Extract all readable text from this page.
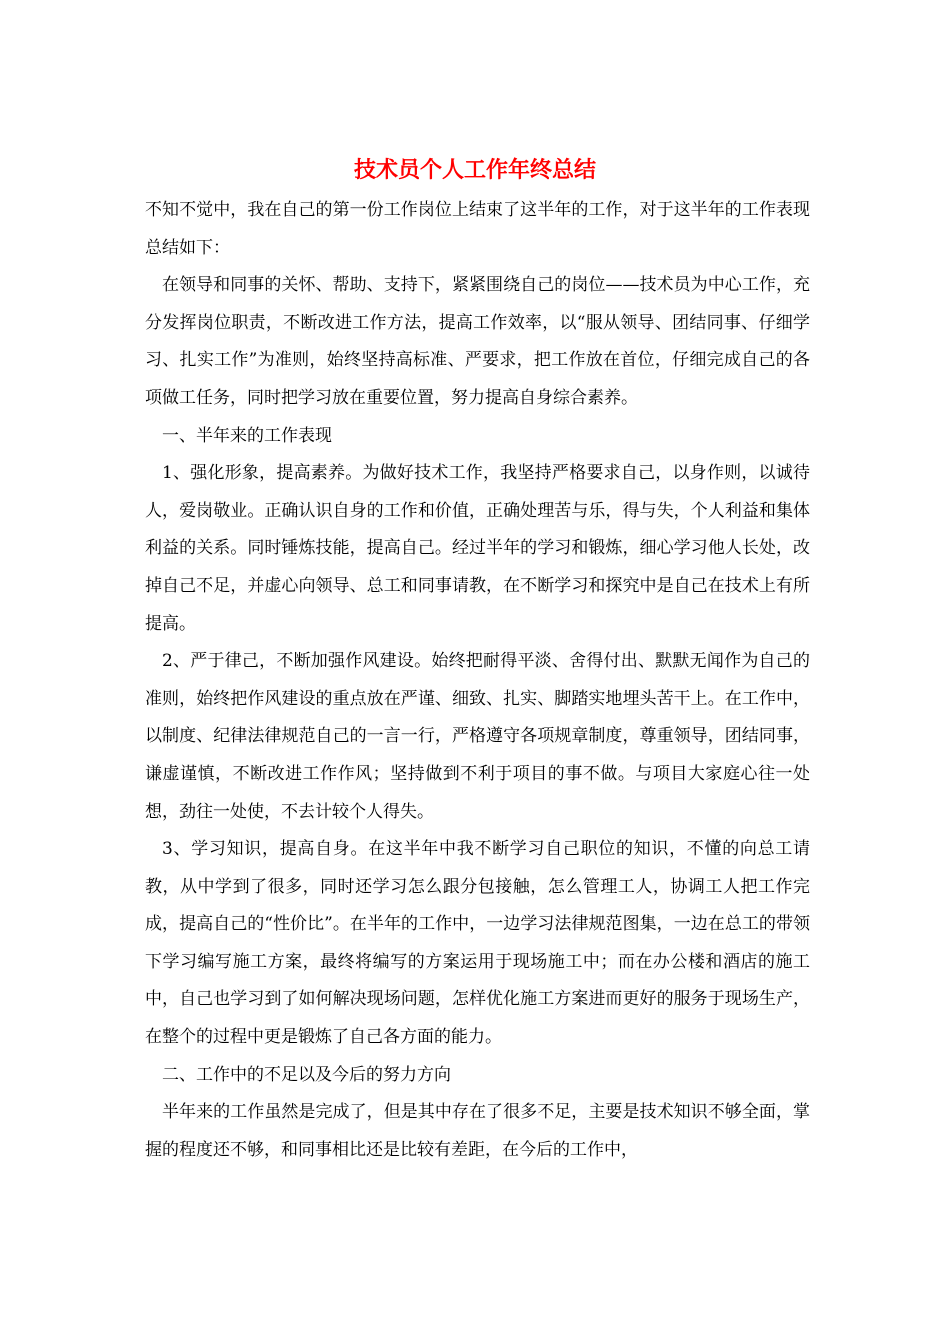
技术员个人工作年终总结

不知不觉中，我在自己的第一份工作岗位上结束了这半年的工作，对于这半年的工作表现总结如下：

在领导和同事的关怀、帮助、支持下，紧紧围绕自己的岗位——技术员为中心工作，充分发挥岗位职责，不断改进工作方法，提高工作效率，以“服从领导、团结同事、仔细学习、扎实工作”为准则，始终坚持高标准、严要求，把工作放在首位，仔细完成自己的各项做工任务，同时把学习放在重要位置，努力提高自身综合素养。

一、半年来的工作表现

1、强化形象，提高素养。为做好技术工作，我坚持严格要求自己，以身作则，以诚待人，爱岗敬业。正确认识自身的工作和价值，正确处理苦与乐，得与失，个人利益和集体利益的关系。同时锤炼技能，提高自己。经过半年的学习和锻炼，细心学习他人长处，改掉自己不足，并虚心向领导、总工和同事请教，在不断学习和探究中是自己在技术上有所提高。

2、严于律己，不断加强作风建设。始终把耐得平淡、舍得付出、默默无闻作为自己的准则，始终把作风建设的重点放在严谨、细致、扎实、脚踏实地埋头苦干上。在工作中，以制度、纪律法律规范自己的一言一行，严格遵守各项规章制度，尊重领导，团结同事，谦虚谨慎，不断改进工作作风；坚持做到不利于项目的事不做。与项目大家庭心往一处想，劲往一处使，不去计较个人得失。

3、学习知识，提高自身。在这半年中我不断学习自己职位的知识，不懂的向总工请教，从中学到了很多，同时还学习怎么跟分包接触，怎么管理工人，协调工人把工作完成，提高自己的“性价比”。在半年的工作中，一边学习法律规范图集，一边在总工的带领下学习编写施工方案，最终将编写的方案运用于现场施工中；而在办公楼和酒店的施工中，自己也学习到了如何解决现场问题，怎样优化施工方案进而更好的服务于现场生产，在整个的过程中更是锻炼了自己各方面的能力。

二、工作中的不足以及今后的努力方向

半年来的工作虽然是完成了，但是其中存在了很多不足，主要是技术知识不够全面，掌握的程度还不够，和同事相比还是比较有差距，在今后的工作中，
